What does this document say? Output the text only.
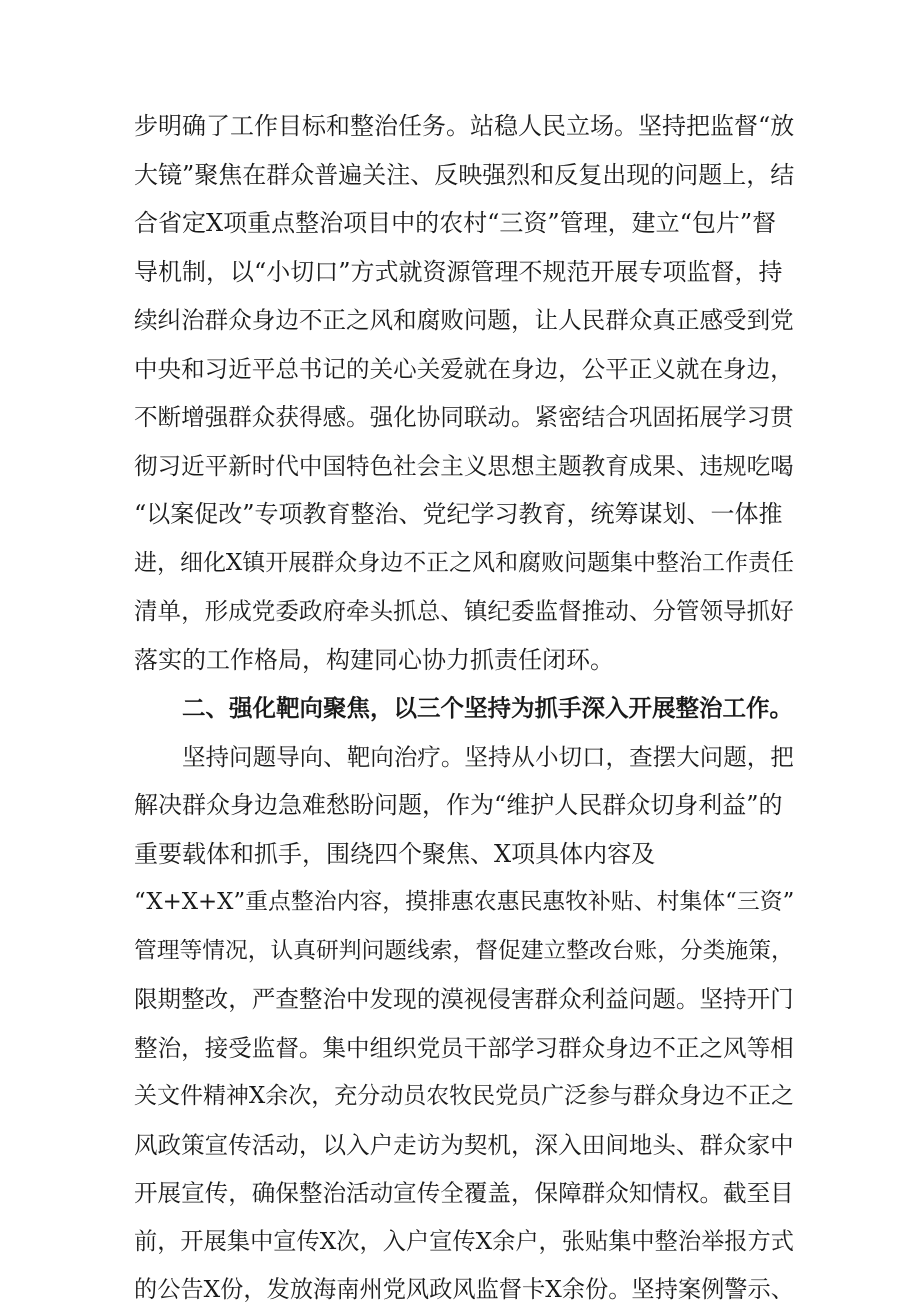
步明确了工作目标和整治任务。站稳人民立场。坚持把监督“放
大镜”聚焦在群众普遍关注、反映强烈和反复出现的问题上，结
合省定X项重点整治项目中的农村“三资”管理，建立“包片”督
导机制，以“小切口”方式就资源管理不规范开展专项监督，持
续纠治群众身边不正之风和腐败问题，让人民群众真正感受到党
中央和习近平总书记的关心关爱就在身边，公平正义就在身边，
不断增强群众获得感。强化协同联动。紧密结合巩固拓展学习贯
彻习近平新时代中国特色社会主义思想主题教育成果、违规吃喝
“以案促改”专项教育整治、党纪学习教育，统筹谋划、一体推
进，细化X镇开展群众身边不正之风和腐败问题集中整治工作责任
清单，形成党委政府牵头抓总、镇纪委监督推动、分管领导抓好
落实的工作格局，构建同心协力抓责任闭环。
二、强化靶向聚焦，以三个坚持为抓手深入开展整治工作。
坚持问题导向、靶向治疗。坚持从小切口，查摆大问题，把
解决群众身边急难愁盼问题，作为“维护人民群众切身利益”的
重要载体和抓手，围绕四个聚焦、X项具体内容及
“X+X+X”重点整治内容，摸排惠农惠民惠牧补贴、村集体“三资”
管理等情况，认真研判问题线索，督促建立整改台账，分类施策，
限期整改，严查整治中发现的漠视侵害群众利益问题。坚持开门
整治，接受监督。集中组织党员干部学习群众身边不正之风等相
关文件精神X余次，充分动员农牧民党员广泛参与群众身边不正之
风政策宣传活动，以入户走访为契机，深入田间地头、群众家中
开展宣传，确保整治活动宣传全覆盖，保障群众知情权。截至目
前，开展集中宣传X次，入户宣传X余户，张贴集中整治举报方式
的公告X份，发放海南州党风政风监督卡X余份。坚持案例警示、
